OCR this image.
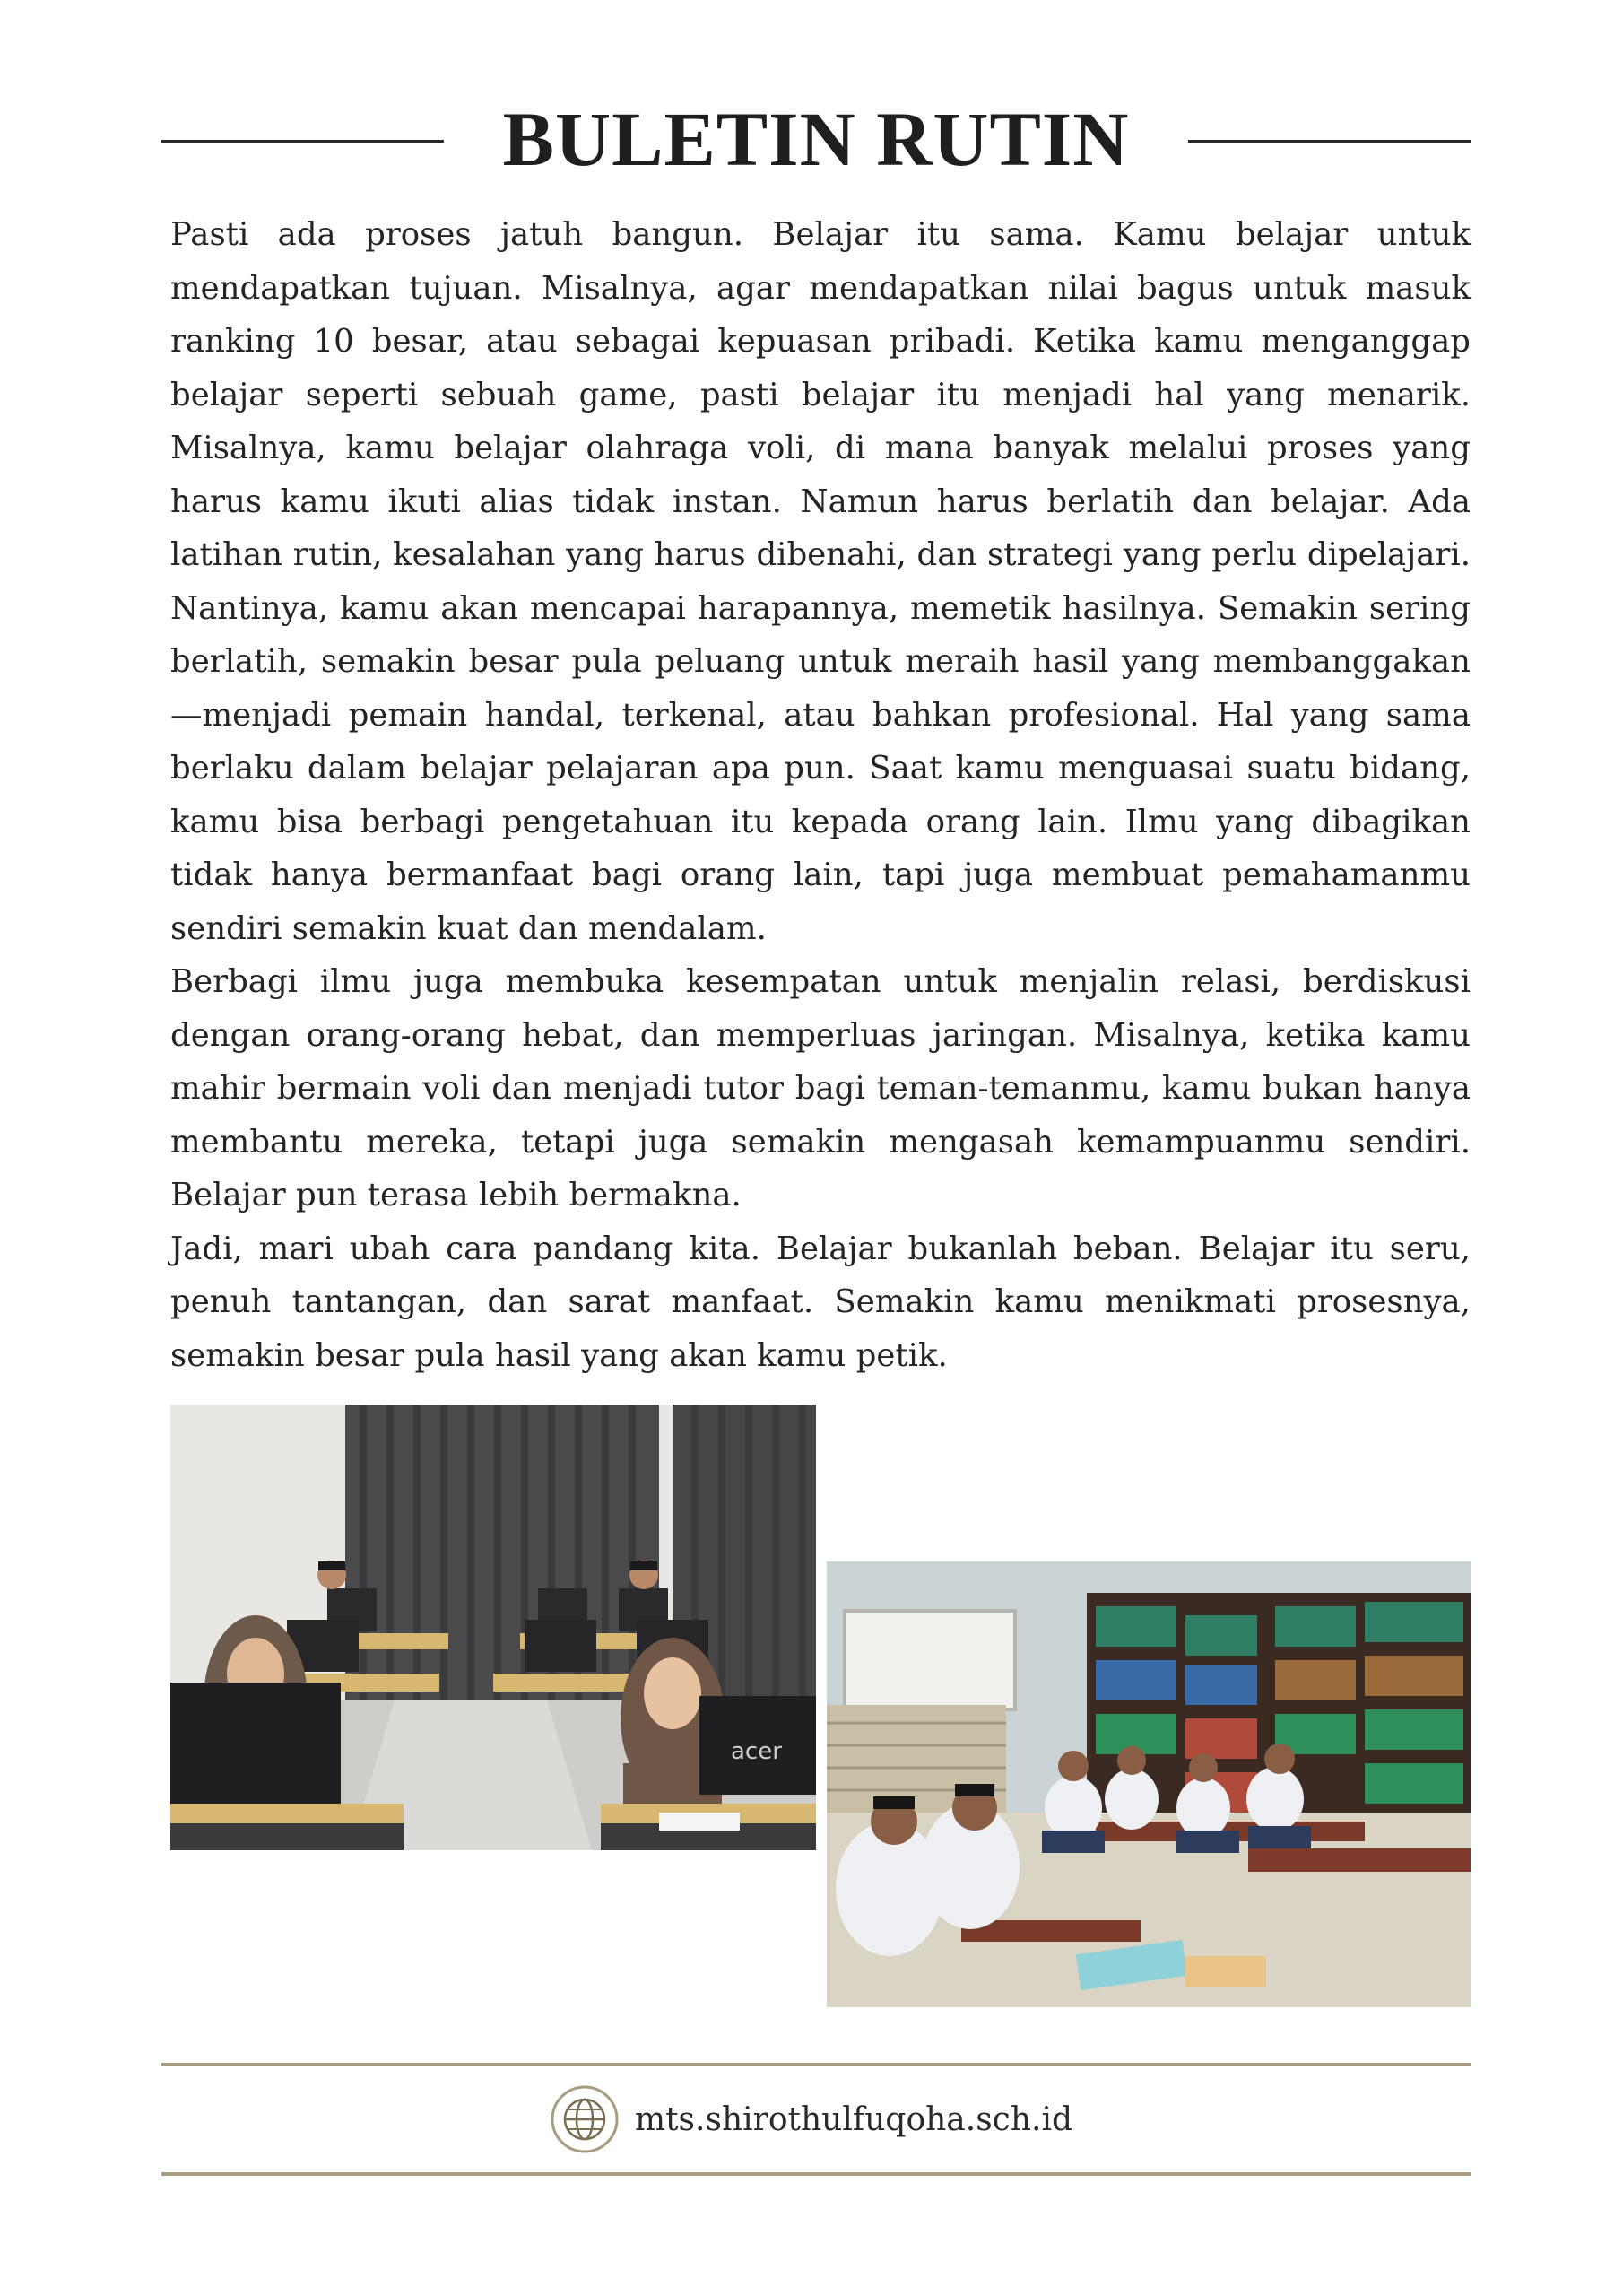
BULETIN RUTIN

Pasti ada proses jatuh bangun. Belajar itu sama. Kamu belajar untuk mendapatkan tujuan. Misalnya, agar mendapatkan nilai bagus untuk masuk ranking 10 besar, atau sebagai kepuasan pribadi. Ketika kamu menganggap belajar seperti sebuah game, pasti belajar itu menjadi hal yang menarik. Misalnya, kamu belajar olahraga voli, di mana banyak melalui proses yang harus kamu ikuti alias tidak instan. Namun harus berlatih dan belajar. Ada latihan rutin, kesalahan yang harus dibenahi, dan strategi yang perlu dipelajari. Nantinya, kamu akan mencapai harapannya, memetik hasilnya. Semakin sering berlatih, semakin besar pula peluang untuk meraih hasil yang membanggakan —menjadi pemain handal, terkenal, atau bahkan profesional. Hal yang sama berlaku dalam belajar pelajaran apa pun. Saat kamu menguasai suatu bidang, kamu bisa berbagi pengetahuan itu kepada orang lain. Ilmu yang dibagikan tidak hanya bermanfaat bagi orang lain, tapi juga membuat pemahamanmu sendiri semakin kuat dan mendalam.

Berbagi ilmu juga membuka kesempatan untuk menjalin relasi, berdiskusi dengan orang-orang hebat, dan memperluas jaringan. Misalnya, ketika kamu mahir bermain voli dan menjadi tutor bagi teman-temanmu, kamu bukan hanya membantu mereka, tetapi juga semakin mengasah kemampuanmu sendiri. Belajar pun terasa lebih bermakna.

Jadi, mari ubah cara pandang kita. Belajar bukanlah beban. Belajar itu seru, penuh tantangan, dan sarat manfaat. Semakin kamu menikmati prosesnya, semakin besar pula hasil yang akan kamu petik.

acer
mts.shirothulfuqoha.sch.id
